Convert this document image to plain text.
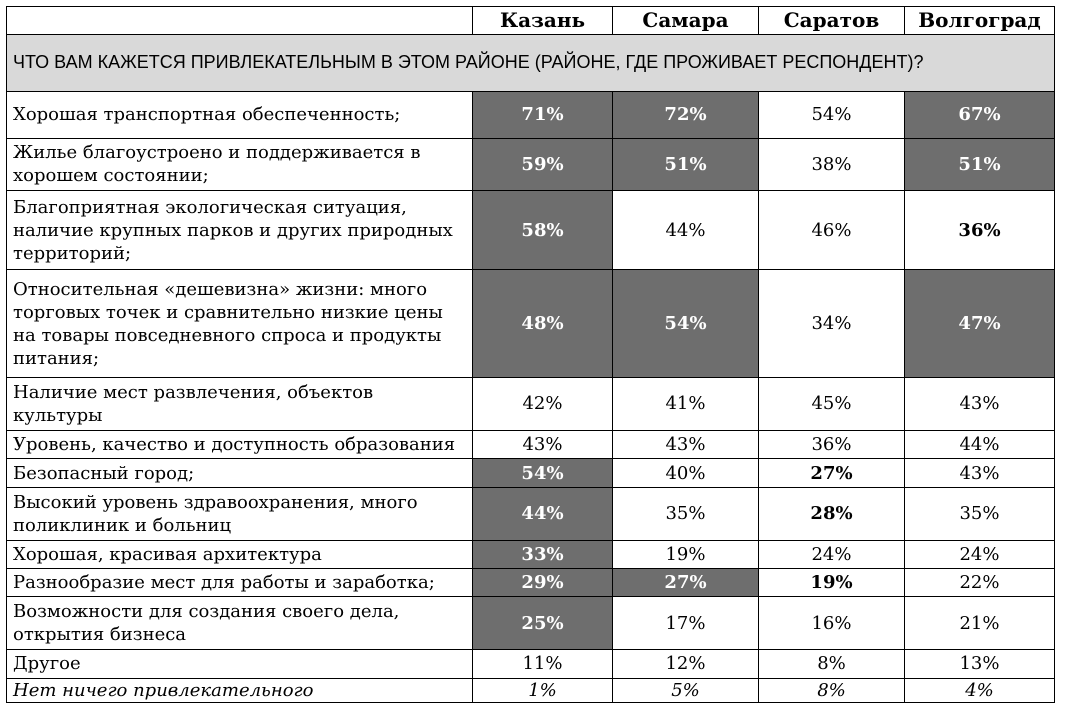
	Казань	Самара	Саратов	Волгоград
ЧТО ВАМ КАЖЕТСЯ ПРИВЛЕКАТЕЛЬНЫМ В ЭТОМ РАЙОНЕ (РАЙОНЕ, ГДЕ ПРОЖИВАЕТ РЕСПОНДЕНТ)?				
Хорошая транспортная обеспеченность;	71%	72%	54%	67%
Жилье благоустроено и поддерживается в хорошем состоянии;	59%	51%	38%	51%
Благоприятная экологическая ситуация, наличие крупных парков и других природных территорий;	58%	44%	46%	36%
Относительная «дешевизна» жизни: много торговых точек и сравнительно низкие цены на товары повседневного спроса и продукты питания;	48%	54%	34%	47%
Наличие мест развлечения, объектов культуры	42%	41%	45%	43%
Уровень, качество и доступность образования	43%	43%	36%	44%
Безопасный город;	54%	40%	27%	43%
Высокий уровень здравоохранения, много поликлиник и больниц	44%	35%	28%	35%
Хорошая, красивая архитектура	33%	19%	24%	24%
Разнообразие мест для работы и заработка;	29%	27%	19%	22%
Возможности для создания своего дела, открытия бизнеса	25%	17%	16%	21%
Другое	11%	12%	8%	13%
Нет ничего привлекательного	1%	5%	8%	4%
